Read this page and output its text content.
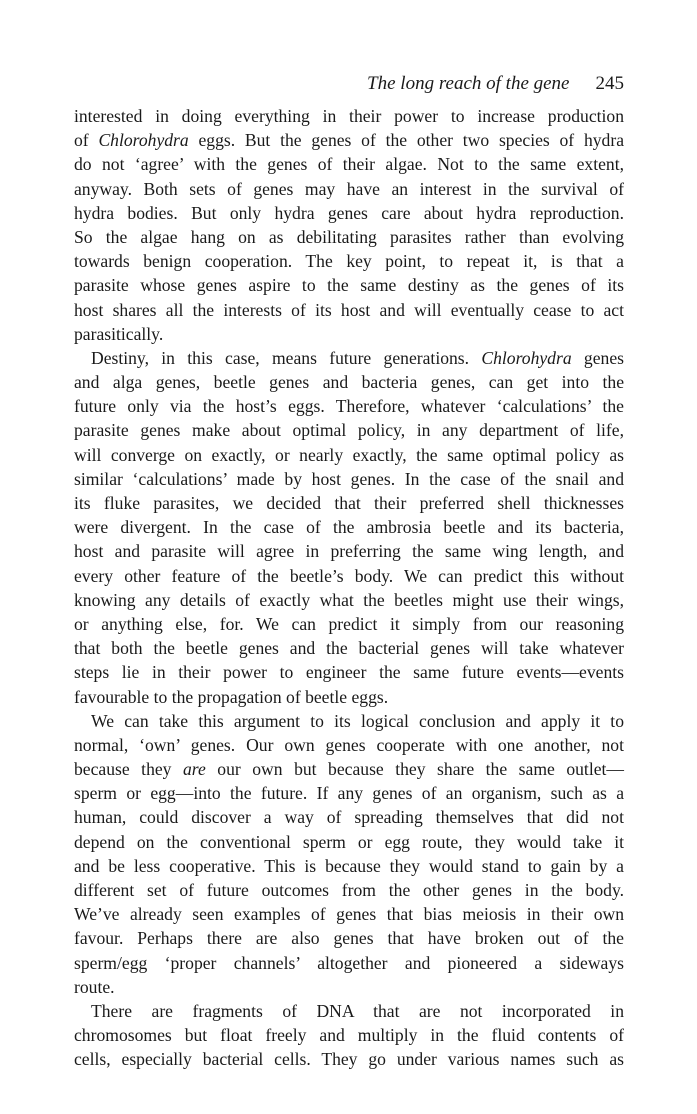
The long reach of the gene 245
interested in doing everything in their power to increase production
of Chlorohydra eggs. But the genes of the other two species of hydra
do not ‘agree’ with the genes of their algae. Not to the same extent,
anyway. Both sets of genes may have an interest in the survival of
hydra bodies. But only hydra genes care about hydra reproduction.
So the algae hang on as debilitating parasites rather than evolving
towards benign cooperation. The key point, to repeat it, is that a
parasite whose genes aspire to the same destiny as the genes of its
host shares all the interests of its host and will eventually cease to act
parasitically.
Destiny, in this case, means future generations. Chlorohydra genes
and alga genes, beetle genes and bacteria genes, can get into the
future only via the host’s eggs. Therefore, whatever ‘calculations’ the
parasite genes make about optimal policy, in any department of life,
will converge on exactly, or nearly exactly, the same optimal policy as
similar ‘calculations’ made by host genes. In the case of the snail and
its fluke parasites, we decided that their preferred shell thicknesses
were divergent. In the case of the ambrosia beetle and its bacteria,
host and parasite will agree in preferring the same wing length, and
every other feature of the beetle’s body. We can predict this without
knowing any details of exactly what the beetles might use their wings,
or anything else, for. We can predict it simply from our reasoning
that both the beetle genes and the bacterial genes will take whatever
steps lie in their power to engineer the same future events—events
favourable to the propagation of beetle eggs.
We can take this argument to its logical conclusion and apply it to
normal, ‘own’ genes. Our own genes cooperate with one another, not
because they are our own but because they share the same outlet—
sperm or egg—into the future. If any genes of an organism, such as a
human, could discover a way of spreading themselves that did not
depend on the conventional sperm or egg route, they would take it
and be less cooperative. This is because they would stand to gain by a
different set of future outcomes from the other genes in the body.
We’ve already seen examples of genes that bias meiosis in their own
favour. Perhaps there are also genes that have broken out of the
sperm/egg ‘proper channels’ altogether and pioneered a sideways
route.
There are fragments of DNA that are not incorporated in
chromosomes but float freely and multiply in the fluid contents of
cells, especially bacterial cells. They go under various names such as
